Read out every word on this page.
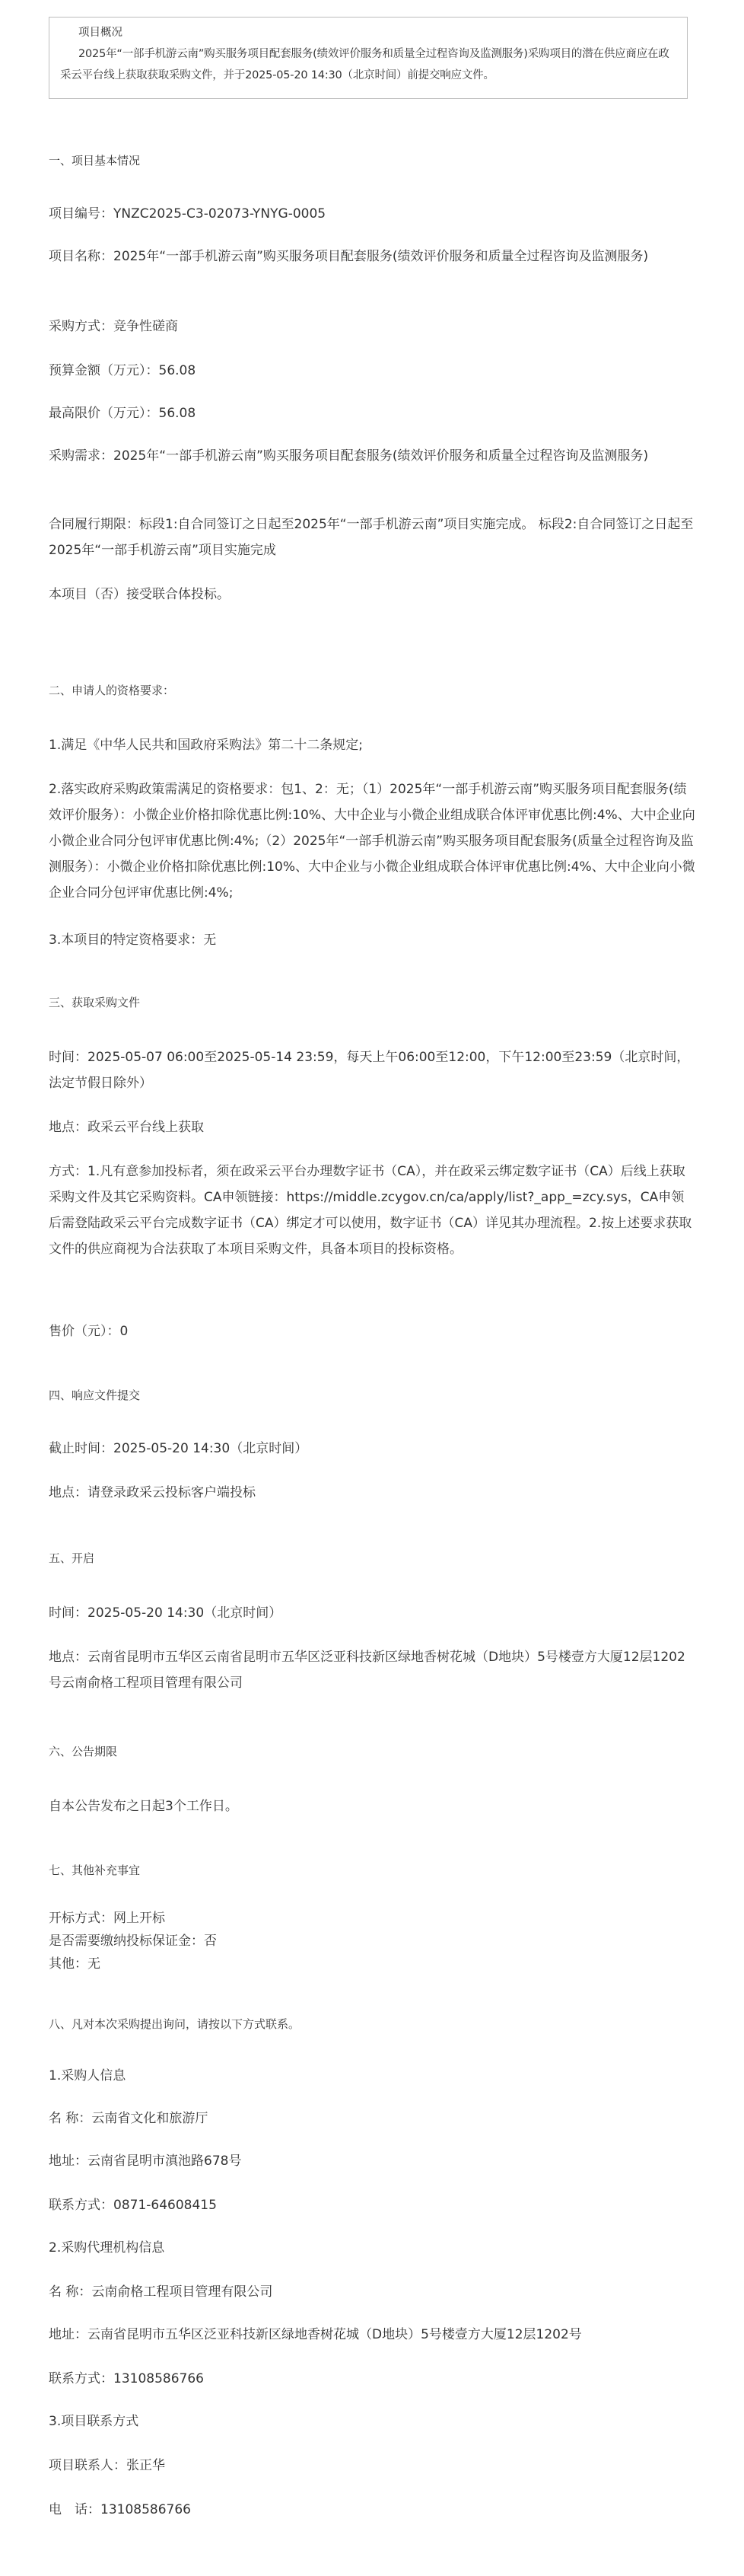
项目概况

2025年“一部手机游云南”购买服务项目配套服务(绩效评价服务和质量全过程咨询及监测服务)采购项目的潜在供应商应在政采云平台线上获取获取采购文件，并于2025-05-20 14:30（北京时间）前提交响应文件。

一、项目基本情况

项目编号：YNZC2025-C3-02073-YNYG-0005

项目名称：2025年“一部手机游云南”购买服务项目配套服务(绩效评价服务和质量全过程咨询及监测服务)

采购方式：竞争性磋商

预算金额（万元）：56.08

最高限价（万元）：56.08

采购需求：2025年“一部手机游云南”购买服务项目配套服务(绩效评价服务和质量全过程咨询及监测服务)

合同履行期限：标段1:自合同签订之日起至2025年“一部手机游云南”项目实施完成。 标段2:自合同签订之日起至2025年“一部手机游云南”项目实施完成

本项目（否）接受联合体投标。

二、申请人的资格要求：

1.满足《中华人民共和国政府采购法》第二十二条规定;

2.落实政府采购政策需满足的资格要求：包1、2：无；（1）2025年“一部手机游云南”购买服务项目配套服务(绩效评价服务）：小微企业价格扣除优惠比例:10%、大中企业与小微企业组成联合体评审优惠比例:4%、大中企业向小微企业合同分包评审优惠比例:4%;（2）2025年“一部手机游云南”购买服务项目配套服务(质量全过程咨询及监测服务）：小微企业价格扣除优惠比例:10%、大中企业与小微企业组成联合体评审优惠比例:4%、大中企业向小微企业合同分包评审优惠比例:4%;

3.本项目的特定资格要求：无

三、获取采购文件

时间：2025-05-07 06:00至2025-05-14 23:59，每天上午06:00至12:00，下午12:00至23:59（北京时间，法定节假日除外）

地点：政采云平台线上获取

方式：1.凡有意参加投标者，须在政采云平台办理数字证书（CA），并在政采云绑定数字证书（CA）后线上获取采购文件及其它采购资料。CA申领链接：https://middle.zcygov.cn/ca/apply/list?_app_=zcy.sys，CA申领后需登陆政采云平台完成数字证书（CA）绑定才可以使用，数字证书（CA）详见其办理流程。2.按上述要求获取文件的供应商视为合法获取了本项目采购文件，具备本项目的投标资格。

售价（元）：0

四、响应文件提交

截止时间：2025-05-20 14:30（北京时间）

地点：请登录政采云投标客户端投标

五、开启

时间：2025-05-20 14:30（北京时间）

地点：云南省昆明市五华区云南省昆明市五华区泛亚科技新区绿地香树花城（D地块）5号楼壹方大厦12层1202号云南俞格工程项目管理有限公司

六、公告期限

自本公告发布之日起3个工作日。

七、其他补充事宜

开标方式：网上开标

是否需要缴纳投标保证金：否

其他：无

八、凡对本次采购提出询问，请按以下方式联系。

1.采购人信息

名 称：云南省文化和旅游厅

地址：云南省昆明市滇池路678号

联系方式：0871-64608415

2.采购代理机构信息

名 称：云南俞格工程项目管理有限公司

地址：云南省昆明市五华区泛亚科技新区绿地香树花城（D地块）5号楼壹方大厦12层1202号

联系方式：13108586766

3.项目联系方式

项目联系人：张正华

电　话：13108586766
